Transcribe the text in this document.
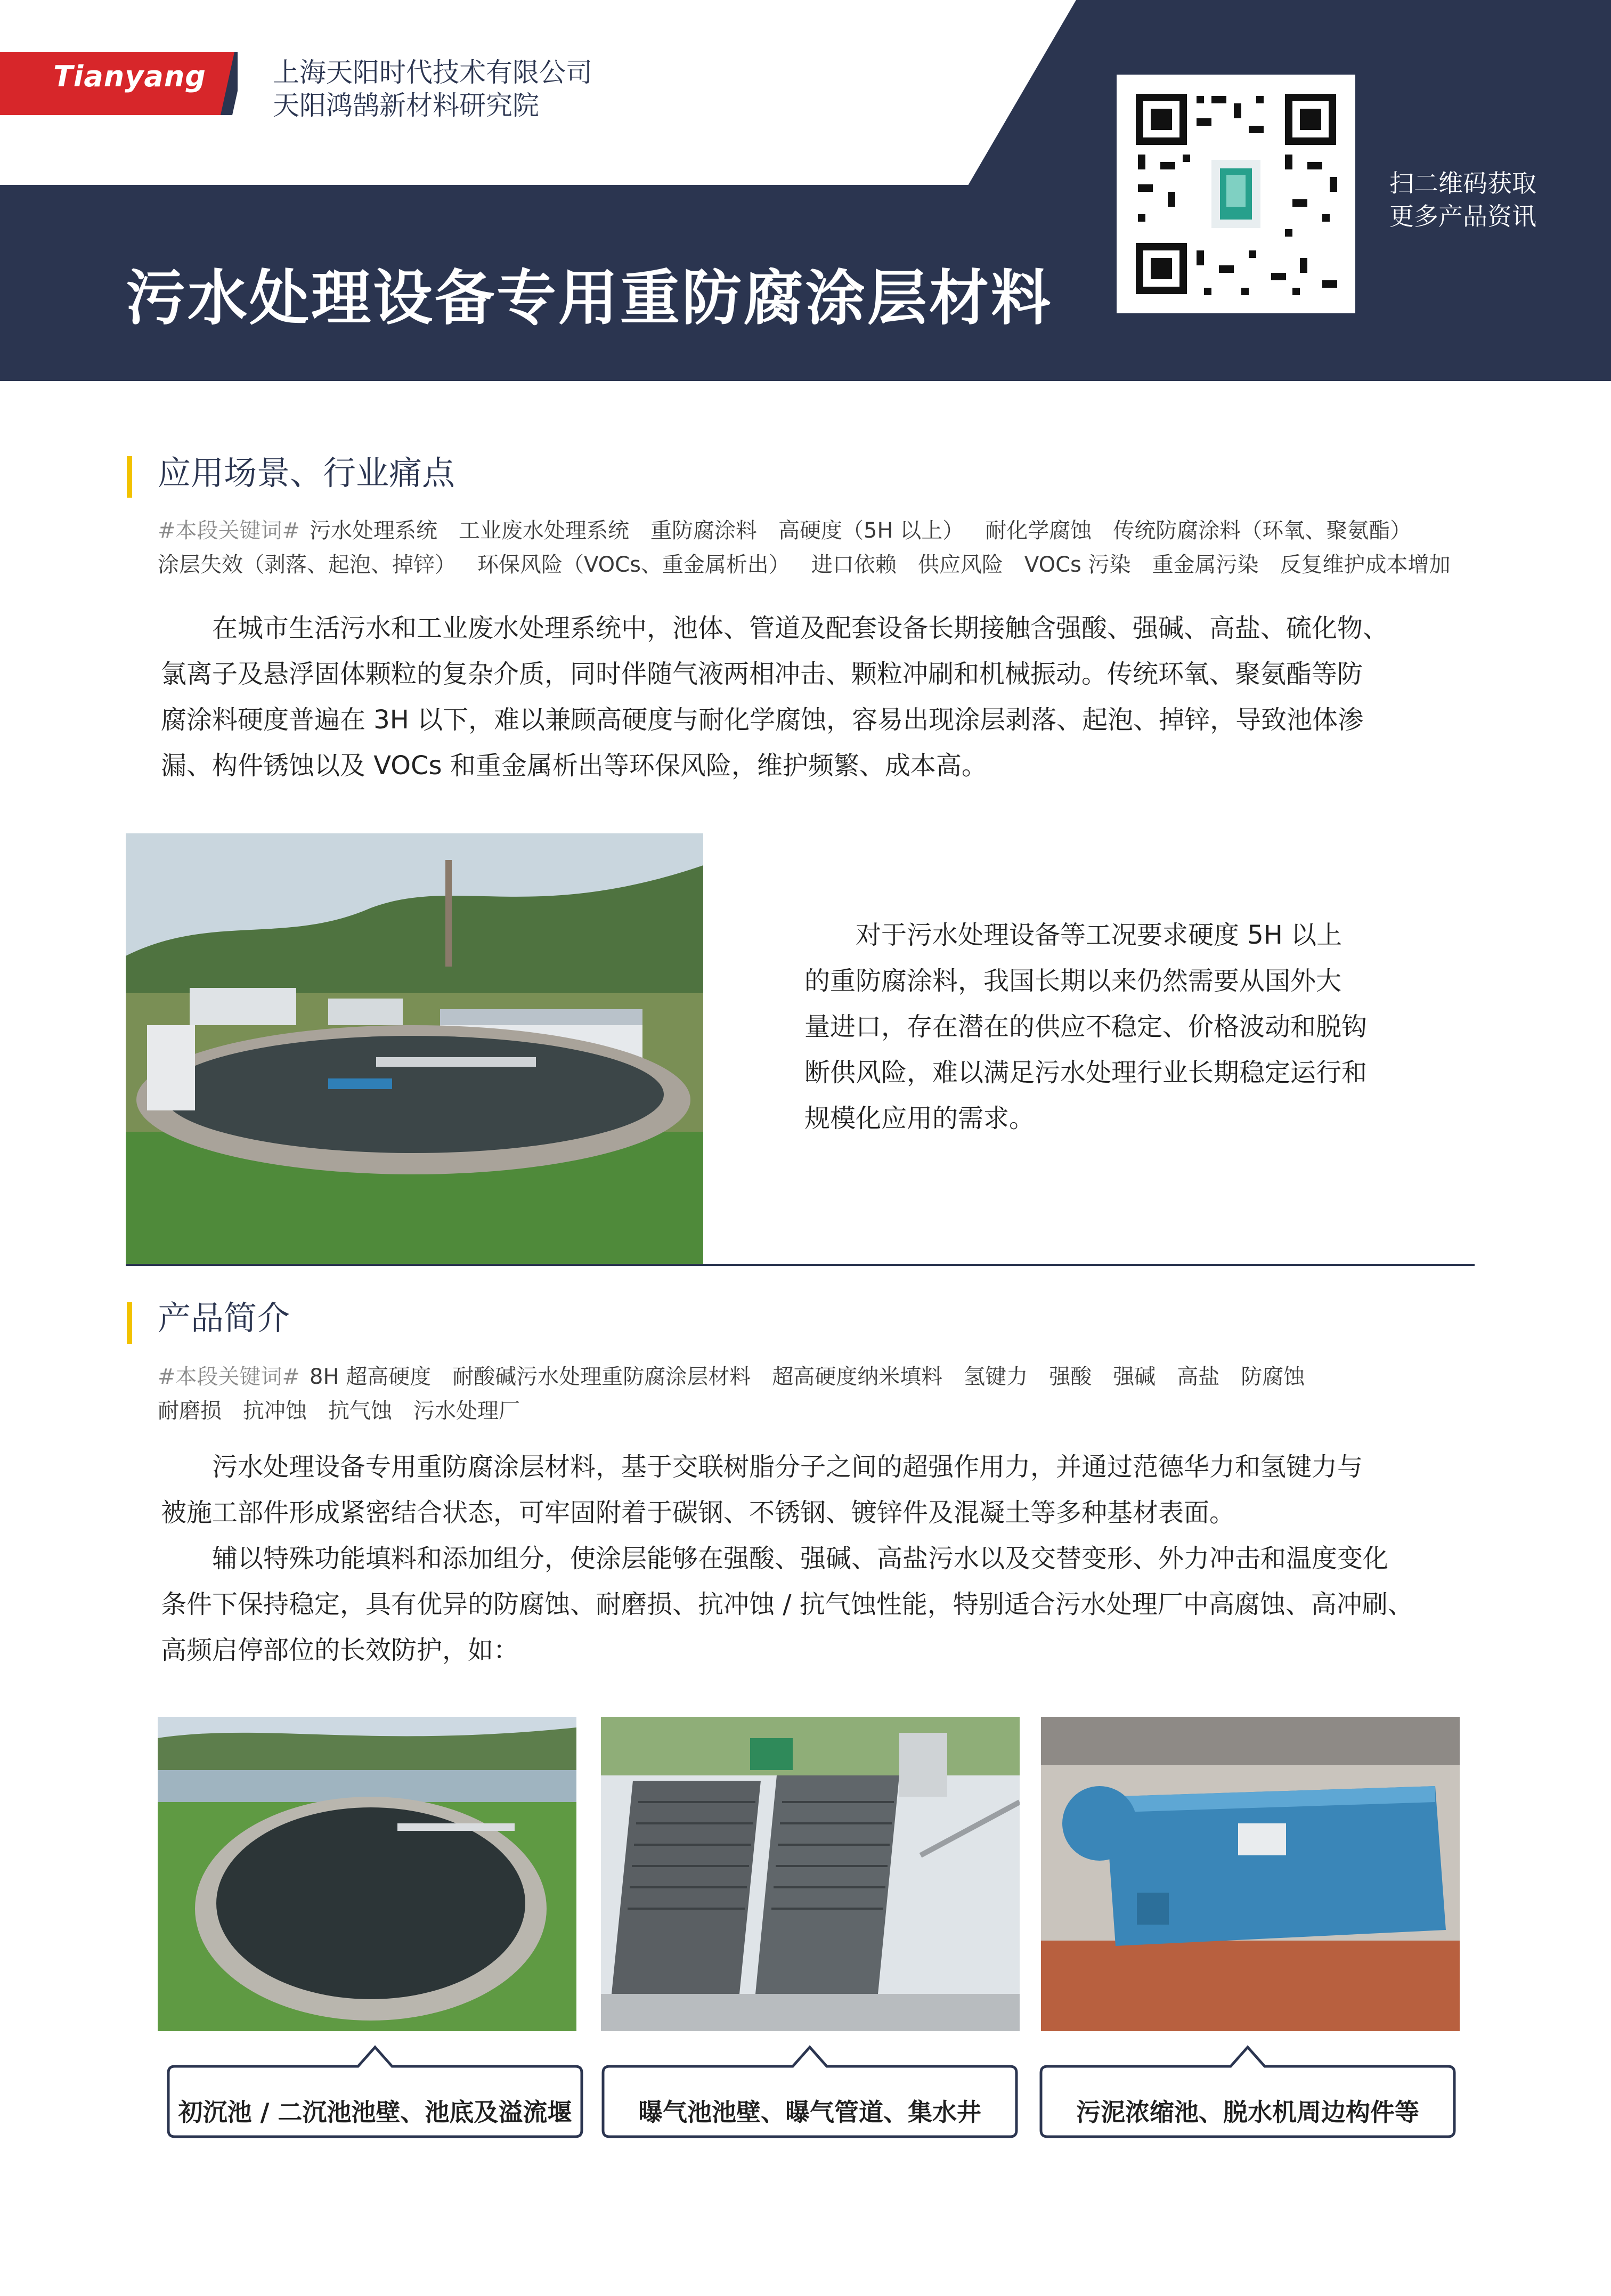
Tianyang	上海天阳时代技术有限公司
天阳鸿鹄新材料研究院
污水处理设备专用重防腐涂层材料
扫二维码获取
更多产品资讯
应用场景、行业痛点
#本段关键词# 污水处理系统 工业废水处理系统 重防腐涂料 高硬度（5H 以上） 耐化学腐蚀 传统防腐涂料（环氧、聚氨酯）
涂层失效（剥落、起泡、掉锌） 环保风险（VOCs、重金属析出） 进口依赖 供应风险 VOCs 污染 重金属污染 反复维护成本增加
　　在城市生活污水和工业废水处理系统中，池体、管道及配套设备长期接触含强酸、强碱、高盐、硫化物、
氯离子及悬浮固体颗粒的复杂介质，同时伴随气液两相冲击、颗粒冲刷和机械振动。传统环氧、聚氨酯等防
腐涂料硬度普遍在 3H 以下，难以兼顾高硬度与耐化学腐蚀，容易出现涂层剥落、起泡、掉锌，导致池体渗
漏、构件锈蚀以及 VOCs 和重金属析出等环保风险，维护频繁、成本高。
　　对于污水处理设备等工况要求硬度 5H 以上
的重防腐涂料，我国长期以来仍然需要从国外大
量进口，存在潜在的供应不稳定、价格波动和脱钩
断供风险，难以满足污水处理行业长期稳定运行和
规模化应用的需求。
产品简介
#本段关键词# 8H 超高硬度 耐酸碱污水处理重防腐涂层材料 超高硬度纳米填料 氢键力 强酸 强碱 高盐 防腐蚀
耐磨损 抗冲蚀 抗气蚀 污水处理厂
　　污水处理设备专用重防腐涂层材料，基于交联树脂分子之间的超强作用力，并通过范德华力和氢键力与
被施工部件形成紧密结合状态，可牢固附着于碳钢、不锈钢、镀锌件及混凝土等多种基材表面。
　　辅以特殊功能填料和添加组分，使涂层能够在强酸、强碱、高盐污水以及交替变形、外力冲击和温度变化
条件下保持稳定，具有优异的防腐蚀、耐磨损、抗冲蚀 / 抗气蚀性能，特别适合污水处理厂中高腐蚀、高冲刷、
高频启停部位的长效防护，如：
初沉池 / 二沉池池壁、池底及溢流堰	曝气池池壁、曝气管道、集水井	污泥浓缩池、脱水机周边构件等
